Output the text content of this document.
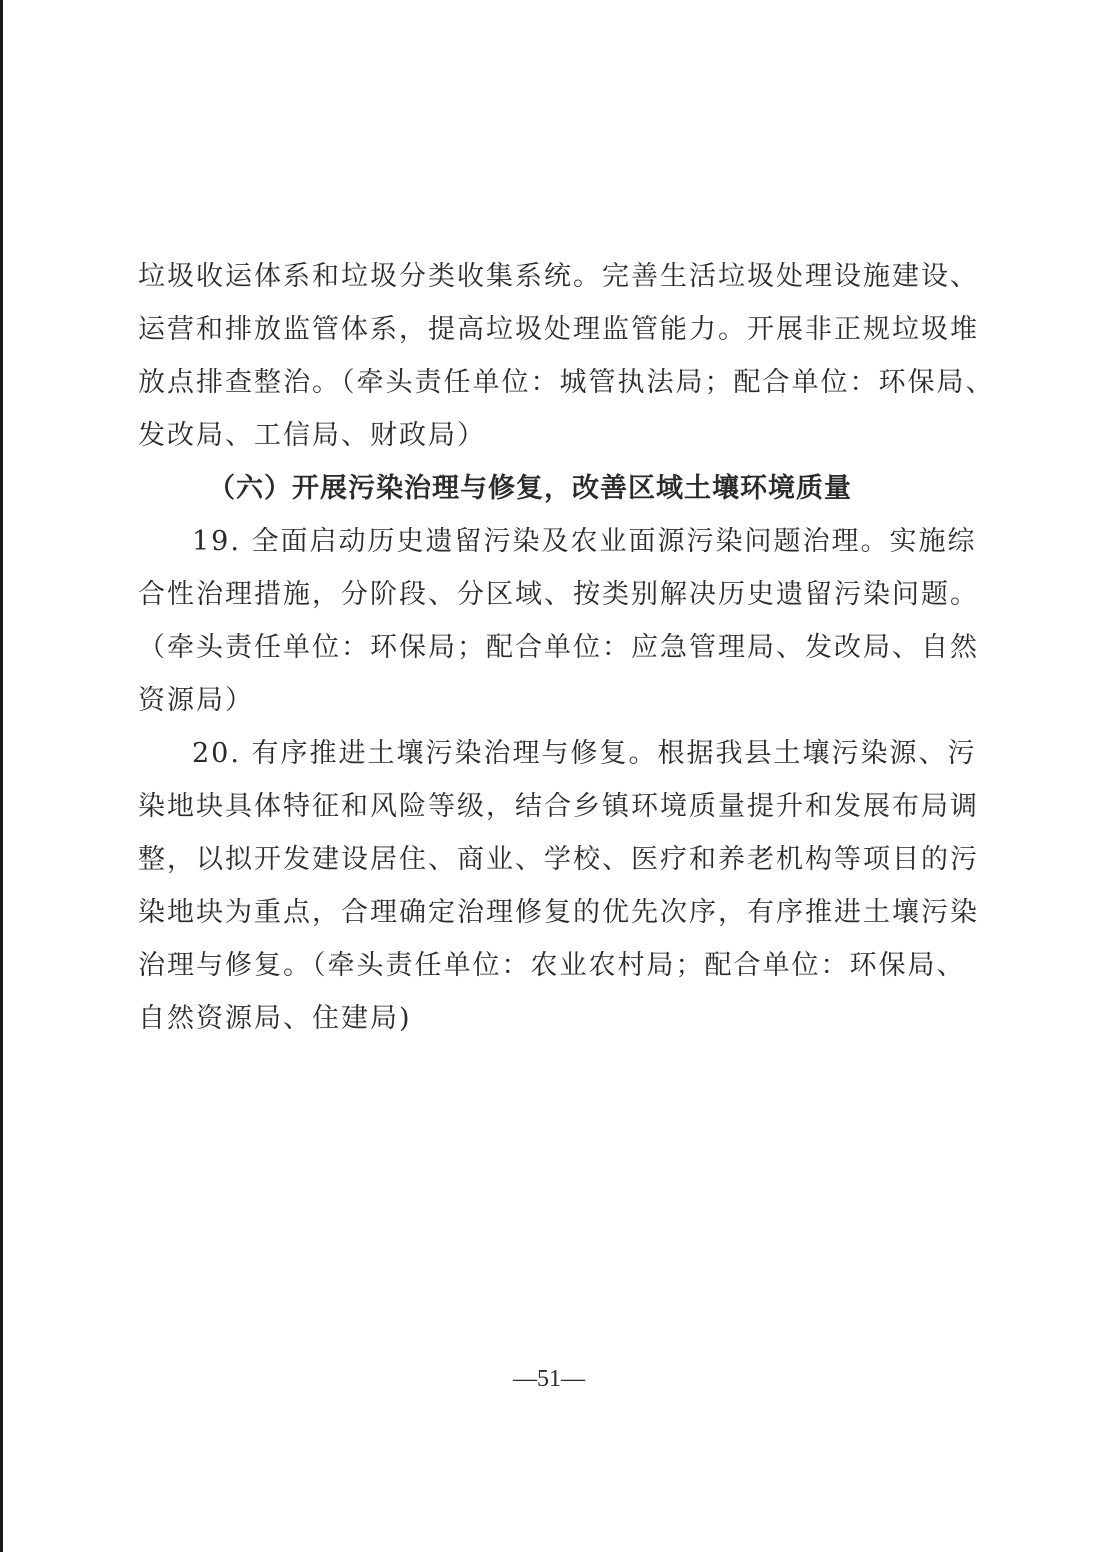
垃圾收运体系和垃圾分类收集系统。完善生活垃圾处理设施建设、
运营和排放监管体系，提高垃圾处理监管能力。开展非正规垃圾堆
放点排查整治。（牵头责任单位：城管执法局；配合单位：环保局、
发改局、工信局、财政局）
（六）开展污染治理与修复，改善区域土壤环境质量
19. 全面启动历史遗留污染及农业面源污染问题治理。实施综
合性治理措施，分阶段、分区域、按类别解决历史遗留污染问题。
（牵头责任单位：环保局；配合单位：应急管理局、发改局、自然
资源局）
20. 有序推进土壤污染治理与修复。根据我县土壤污染源、污
染地块具体特征和风险等级，结合乡镇环境质量提升和发展布局调
整，以拟开发建设居住、商业、学校、医疗和养老机构等项目的污
染地块为重点，合理确定治理修复的优先次序，有序推进土壤污染
治理与修复。（牵头责任单位：农业农村局；配合单位：环保局、
自然资源局、住建局)
—51—
